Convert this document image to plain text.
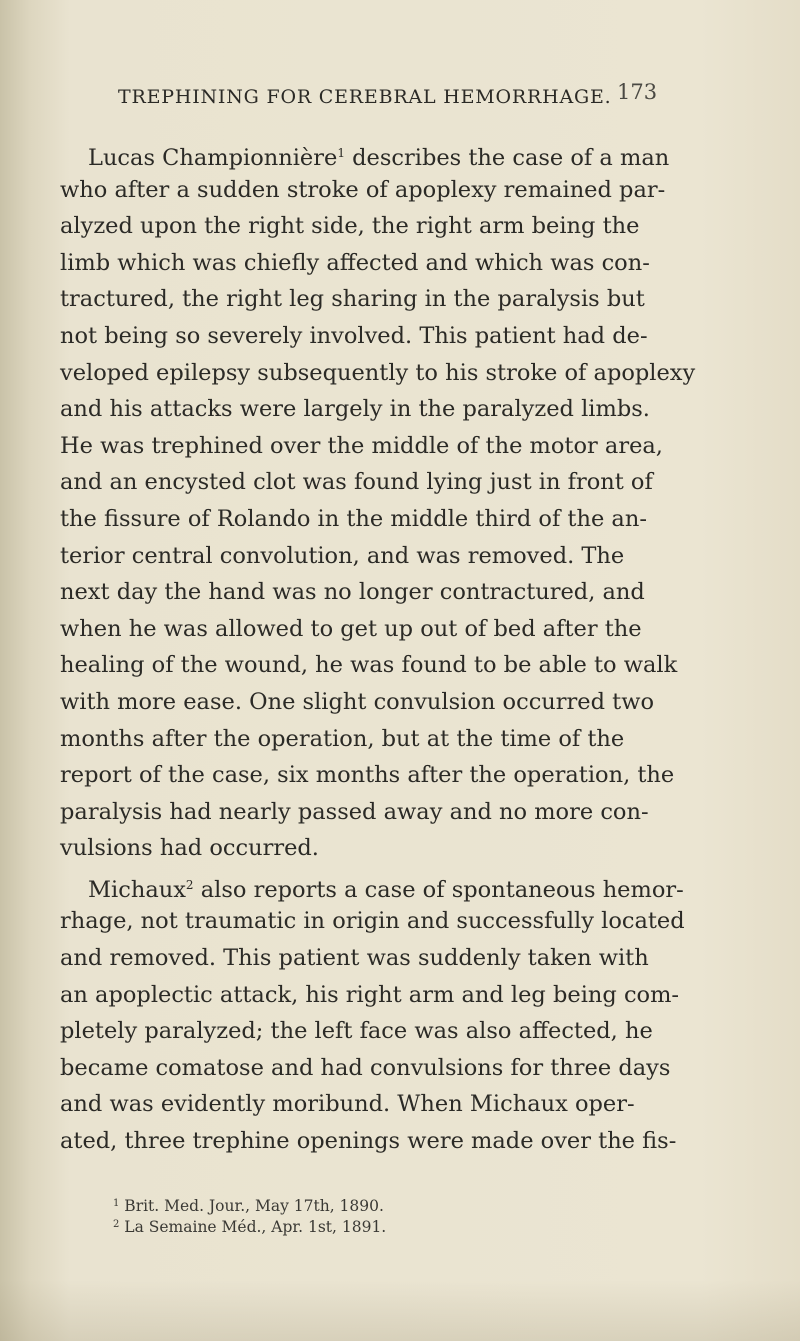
TREPHINING FOR CEREBRAL HEMORRHAGE. 173
Lucas Championnière$^1$ describes the case of a man
who after a sudden stroke of apoplexy remained par-
alyzed upon the right side, the right arm being the
limb which was chiefly affected and which was con-
tractured, the right leg sharing in the paralysis but
not being so severely involved. This patient had de-
veloped epilepsy subsequently to his stroke of apoplexy
and his attacks were largely in the paralyzed limbs.
He was trephined over the middle of the motor area,
and an encysted clot was found lying just in front of
the fissure of Rolando in the middle third of the an-
terior central convolution, and was removed. The
next day the hand was no longer contractured, and
when he was allowed to get up out of bed after the
healing of the wound, he was found to be able to walk
with more ease. One slight convulsion occurred two
months after the operation, but at the time of the
report of the case, six months after the operation, the
paralysis had nearly passed away and no more con-
vulsions had occurred.
Michaux$^2$ also reports a case of spontaneous hemor-
rhage, not traumatic in origin and successfully located
and removed. This patient was suddenly taken with
an apoplectic attack, his right arm and leg being com-
pletely paralyzed; the left face was also affected, he
became comatose and had convulsions for three days
and was evidently moribund. When Michaux oper-
ated, three trephine openings were made over the fis-
$^1$ Brit. Med. Jour., May 17th, 1890.
$^2$ La Semaine Méd., Apr. 1st, 1891.
